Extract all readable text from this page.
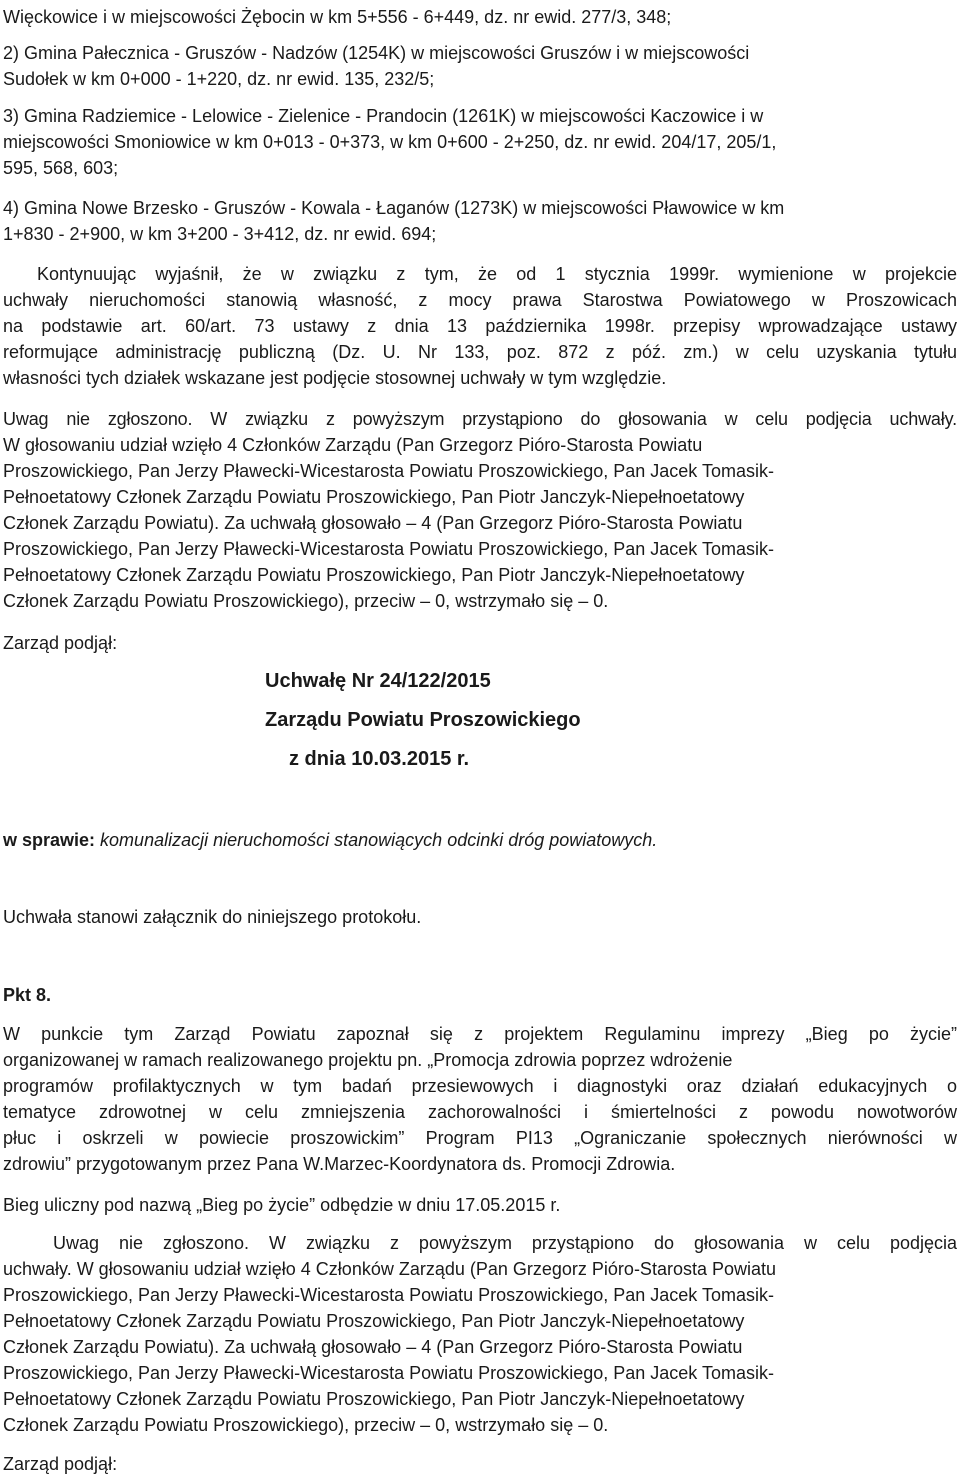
Więckowice i w miejscowości Żębocin w km 5+556 - 6+449, dz. nr ewid. 277/3, 348;
2) Gmina Pałecznica - Gruszów - Nadzów (1254K) w miejscowości Gruszów i w miejscowości
Sudołek w km 0+000 - 1+220, dz. nr ewid. 135, 232/5;
3) Gmina Radziemice - Lelowice - Zielenice - Prandocin (1261K) w miejscowości Kaczowice i w
miejscowości Smoniowice w km 0+013 - 0+373, w km 0+600 - 2+250, dz. nr ewid. 204/17, 205/1,
595, 568, 603;
4) Gmina Nowe Brzesko - Gruszów - Kowala - Łaganów (1273K) w miejscowości Pławowice w km
1+830 - 2+900, w km 3+200 - 3+412, dz. nr ewid. 694;
Kontynuując wyjaśnił, że w związku z tym, że od 1 stycznia 1999r. wymienione w projekcie
uchwały nieruchomości stanowią własność, z mocy prawa Starostwa Powiatowego w Proszowicach
na podstawie art. 60/art. 73 ustawy z dnia 13 października 1998r. przepisy wprowadzające ustawy
reformujące administrację publiczną (Dz. U. Nr 133, poz. 872 z póź. zm.) w celu uzyskania tytułu
własności tych działek wskazane jest podjęcie stosownej uchwały w tym względzie.
Uwag nie zgłoszono. W związku z powyższym przystąpiono do głosowania w celu podjęcia uchwały.
W głosowaniu udział wzięło 4 Członków Zarządu (Pan Grzegorz Pióro-Starosta Powiatu
Proszowickiego, Pan Jerzy Pławecki-Wicestarosta Powiatu Proszowickiego, Pan Jacek Tomasik-
Pełnoetatowy Członek Zarządu Powiatu Proszowickiego, Pan Piotr Janczyk-Niepełnoetatowy
Członek Zarządu Powiatu). Za uchwałą głosowało – 4 (Pan Grzegorz Pióro-Starosta Powiatu
Proszowickiego, Pan Jerzy Pławecki-Wicestarosta Powiatu Proszowickiego, Pan Jacek Tomasik-
Pełnoetatowy Członek Zarządu Powiatu Proszowickiego, Pan Piotr Janczyk-Niepełnoetatowy
Członek Zarządu Powiatu Proszowickiego), przeciw – 0, wstrzymało się – 0.
Zarząd podjął:

Uchwałę Nr 24/122/2015

Zarządu Powiatu Proszowickiego

z dnia 10.03.2015 r.

w sprawie: komunalizacji nieruchomości stanowiących odcinki dróg powiatowych.
Uchwała stanowi załącznik do niniejszego protokołu.
Pkt 8.
W punkcie tym Zarząd Powiatu zapoznał się z projektem Regulaminu imprezy „Bieg po życie”
organizowanej w ramach realizowanego projektu pn. „Promocja zdrowia poprzez wdrożenie
programów profilaktycznych w tym badań przesiewowych i diagnostyki oraz działań edukacyjnych o
tematyce zdrowotnej w celu zmniejszenia zachorowalności i śmiertelności z powodu nowotworów
płuc i oskrzeli w powiecie proszowickim” Program PI13 „Ograniczanie społecznych nierówności w
zdrowiu” przygotowanym przez Pana W.Marzec-Koordynatora ds. Promocji Zdrowia.
Bieg uliczny pod nazwą „Bieg po życie” odbędzie w dniu 17.05.2015 r.
Uwag nie zgłoszono. W związku z powyższym przystąpiono do głosowania w celu podjęcia
uchwały. W głosowaniu udział wzięło 4 Członków Zarządu (Pan Grzegorz Pióro-Starosta Powiatu
Proszowickiego, Pan Jerzy Pławecki-Wicestarosta Powiatu Proszowickiego, Pan Jacek Tomasik-
Pełnoetatowy Członek Zarządu Powiatu Proszowickiego, Pan Piotr Janczyk-Niepełnoetatowy
Członek Zarządu Powiatu). Za uchwałą głosowało – 4 (Pan Grzegorz Pióro-Starosta Powiatu
Proszowickiego, Pan Jerzy Pławecki-Wicestarosta Powiatu Proszowickiego, Pan Jacek Tomasik-
Pełnoetatowy Członek Zarządu Powiatu Proszowickiego, Pan Piotr Janczyk-Niepełnoetatowy
Członek Zarządu Powiatu Proszowickiego), przeciw – 0, wstrzymało się – 0.
Zarząd podjął:
